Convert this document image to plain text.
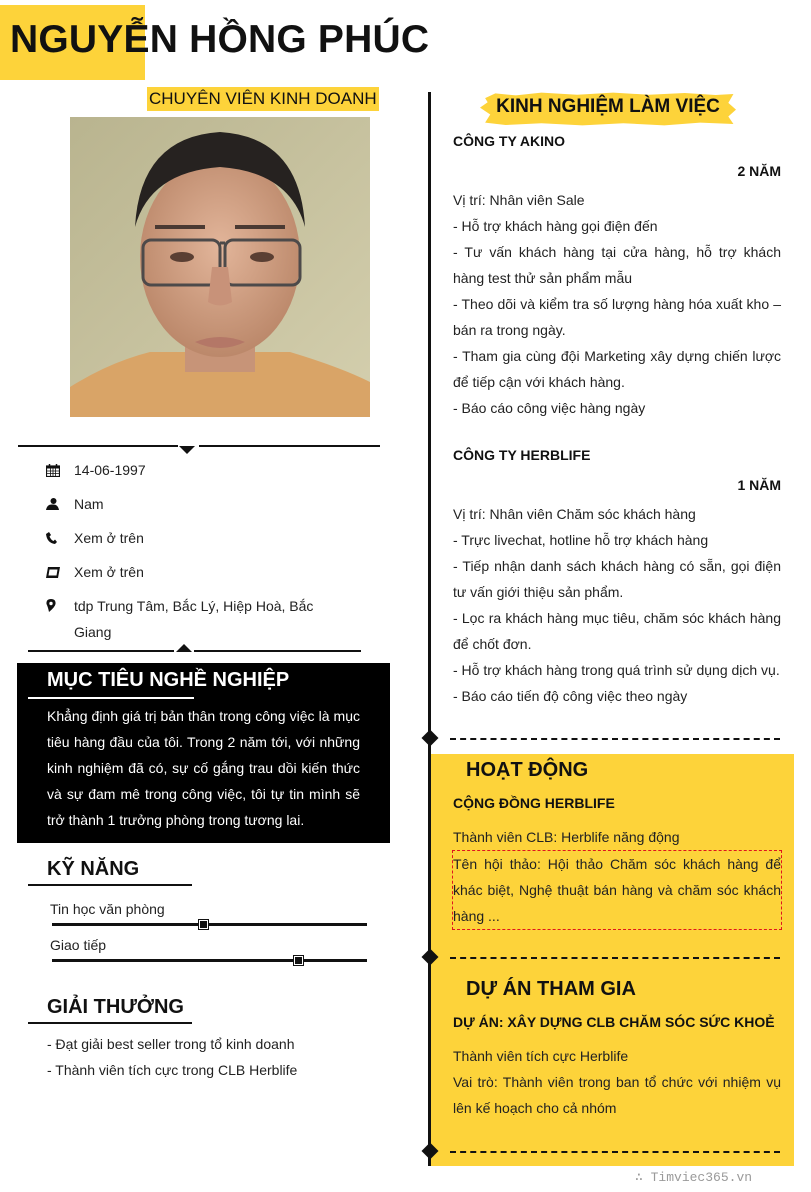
NGUYỄN HỒNG PHÚC
CHUYÊN VIÊN KINH DOANH
14-06-1997
Nam
Xem ở trên
Xem ở trên
tdp Trung Tâm, Bắc Lý, Hiệp Hoà, Bắc Giang
MỤC TIÊU NGHỀ NGHIỆP
Khẳng định giá trị bản thân trong công việc là mục tiêu hàng đầu của tôi. Trong 2 năm tới, với những kinh nghiệm đã có, sự cố gắng trau dồi kiến thức và sự đam mê trong công việc, tôi tự tin mình sẽ trở thành 1 trưởng phòng trong tương lai.
KỸ NĂNG
Tin học văn phòng
Giao tiếp
GIẢI THƯỞNG
- Đạt giải best seller trong tổ kinh doanh
- Thành viên tích cực trong CLB Herblife
KINH NGHIỆM LÀM VIỆC
CÔNG TY AKINO
2 NĂM
Vị trí: Nhân viên Sale
- Hỗ trợ khách hàng gọi điện đến
- Tư vấn khách hàng tại cửa hàng, hỗ trợ khách hàng test thử sản phẩm mẫu
- Theo dõi và kiểm tra số lượng hàng hóa xuất kho – bán ra trong ngày.
- Tham gia cùng đội Marketing xây dựng chiến lược để tiếp cận với khách hàng.
- Báo cáo công việc hàng ngày
CÔNG TY HERBLIFE
1 NĂM
Vị trí: Nhân viên Chăm sóc khách hàng
- Trực livechat, hotline hỗ trợ khách hàng
- Tiếp nhận danh sách khách hàng có sẵn, gọi điện tư vấn giới thiệu sản phẩm.
- Lọc ra khách hàng mục tiêu, chăm sóc khách hàng để chốt đơn.
- Hỗ trợ khách hàng trong quá trình sử dụng dịch vụ.
- Báo cáo tiến độ công việc theo ngày
HOẠT ĐỘNG
CỘNG ĐỒNG HERBLIFE
Thành viên CLB: Herblife năng động
Tên hội thảo: Hội thảo Chăm sóc khách hàng để khác biệt, Nghệ thuật bán hàng và chăm sóc khách hàng ...
DỰ ÁN THAM GIA
DỰ ÁN: XÂY DỰNG CLB CHĂM SÓC SỨC KHOẺ
Thành viên tích cực Herblife
Vai trò: Thành viên trong ban tổ chức với nhiệm vụ lên kế hoạch cho cả nhóm
∴ Timviec365.vn
